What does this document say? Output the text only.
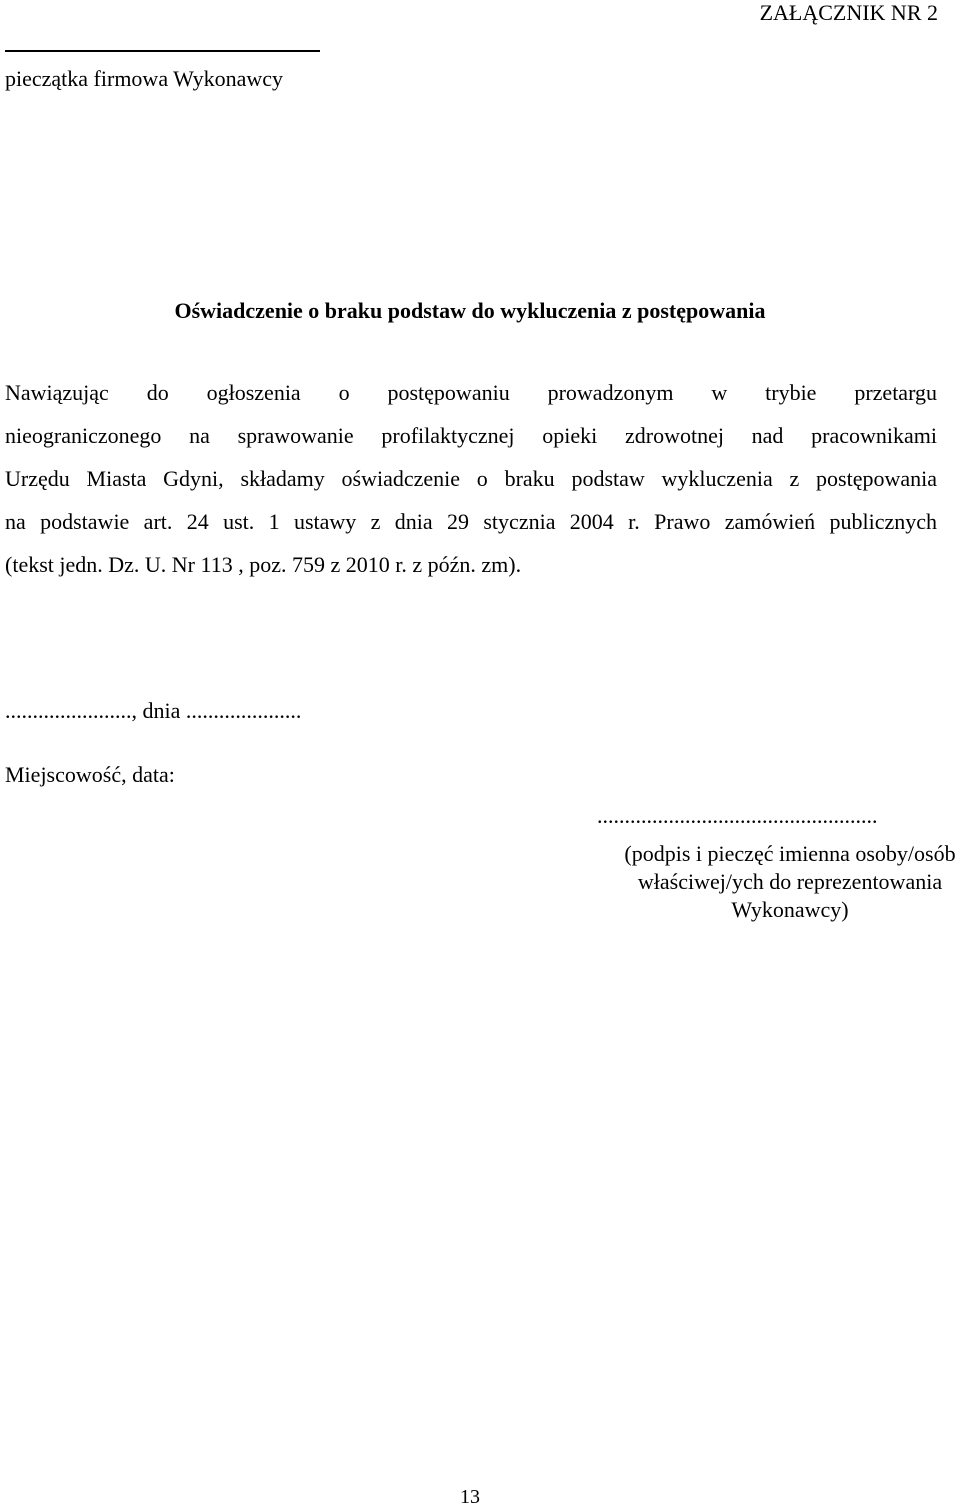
ZAŁĄCZNIK NR 2
pieczątka firmowa Wykonawcy
Oświadczenie o braku podstaw do wykluczenia z postępowania
Nawiązując do ogłoszenia o postępowaniu prowadzonym w trybie przetargu
nieograniczonego na sprawowanie profilaktycznej opieki zdrowotnej nad pracownikami
Urzędu Miasta Gdyni, składamy oświadczenie o braku podstaw wykluczenia z postępowania
na podstawie art. 24 ust. 1 ustawy z dnia 29 stycznia 2004 r. Prawo zamówień publicznych
(tekst jedn. Dz. U. Nr 113 , poz. 759 z 2010 r. z późn. zm).
......................., dnia .....................
Miejscowość, data:
...................................................
(podpis i pieczęć imienna osoby/osób
właściwej/ych do reprezentowania
Wykonawcy)
13
